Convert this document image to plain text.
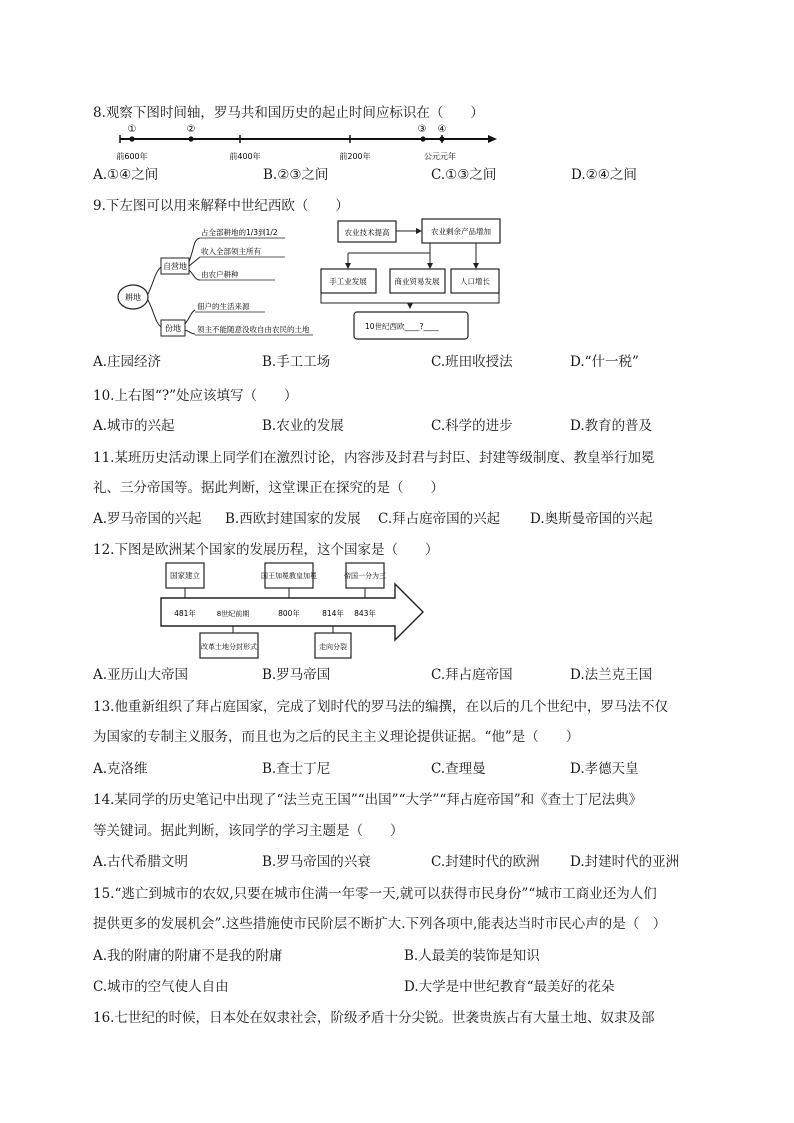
8.观察下图时间轴，罗马共和国历史的起止时间应标识在（　　）
①	②	③ ④
前600年	前400年	前200年	公元元年
A.①④之间	B.②③之间	C.①③之间	D.②④之间
9.下左图可以用来解释中世纪西欧（　　）
耕地
自营地
份地
占全部耕地的1/3到1/2
收入全部领主所有
由农户耕种
佃户的生活来源
领主不能随意没收自由农民的土地
农业技术提高	农业剩余产品增加
手工业发展	商业贸易发展	人口增长
10世纪西欧____?____
A.庄园经济	B.手工工场	C.班田收授法	D.“什一税”
10.上右图“?”处应该填写（　　）
A.城市的兴起	B.农业的发展	C.科学的进步	D.教育的普及
11.某班历史活动课上同学们在激烈讨论，内容涉及封君与封臣、封建等级制度、教皇举行加冕
礼、三分帝国等。据此判断，这堂课正在探究的是（　　）
A.罗马帝国的兴起 B.西欧封建国家的发展 C.拜占庭帝国的兴起 D.奥斯曼帝国的兴起
12.下图是欧洲某个国家的发展历程，这个国家是（　　）
国家建立	国王加冕教皇加冕	帝国一分为三
481年	8世纪前期	800年	814年 843年
改革土地分封形式	走向分裂
A.亚历山大帝国	B.罗马帝国	C.拜占庭帝国	D.法兰克王国
13.他重新组织了拜占庭国家，完成了划时代的罗马法的编撰，在以后的几个世纪中，罗马法不仅
为国家的专制主义服务，而且也为之后的民主主义理论提供证据。“他”是（　　）
A.克洛维	B.查士丁尼	C.查理曼	D.孝德天皇
14.某同学的历史笔记中出现了“法兰克王国”“出国”“大学”“拜占庭帝国”和《查士丁尼法典》
等关键词。据此判断，该同学的学习主题是（　　）
A.古代希腊文明	B.罗马帝国的兴衰	C.封建时代的欧洲 D.封建时代的亚洲
15.“逃亡到城市的农奴,只要在城市住满一年零一天,就可以获得市民身份”“城市工商业还为人们
提供更多的发展机会”.这些措施使市民阶层不断扩大.下列各项中,能表达当时市民心声的是（　）
A.我的附庸的附庸不是我的附庸	B.人最美的装饰是知识
C.城市的空气使人自由	D.大学是中世纪教育“最美好的花朵
16.七世纪的时候，日本处在奴隶社会，阶级矛盾十分尖锐。世袭贵族占有大量土地、奴隶及部
